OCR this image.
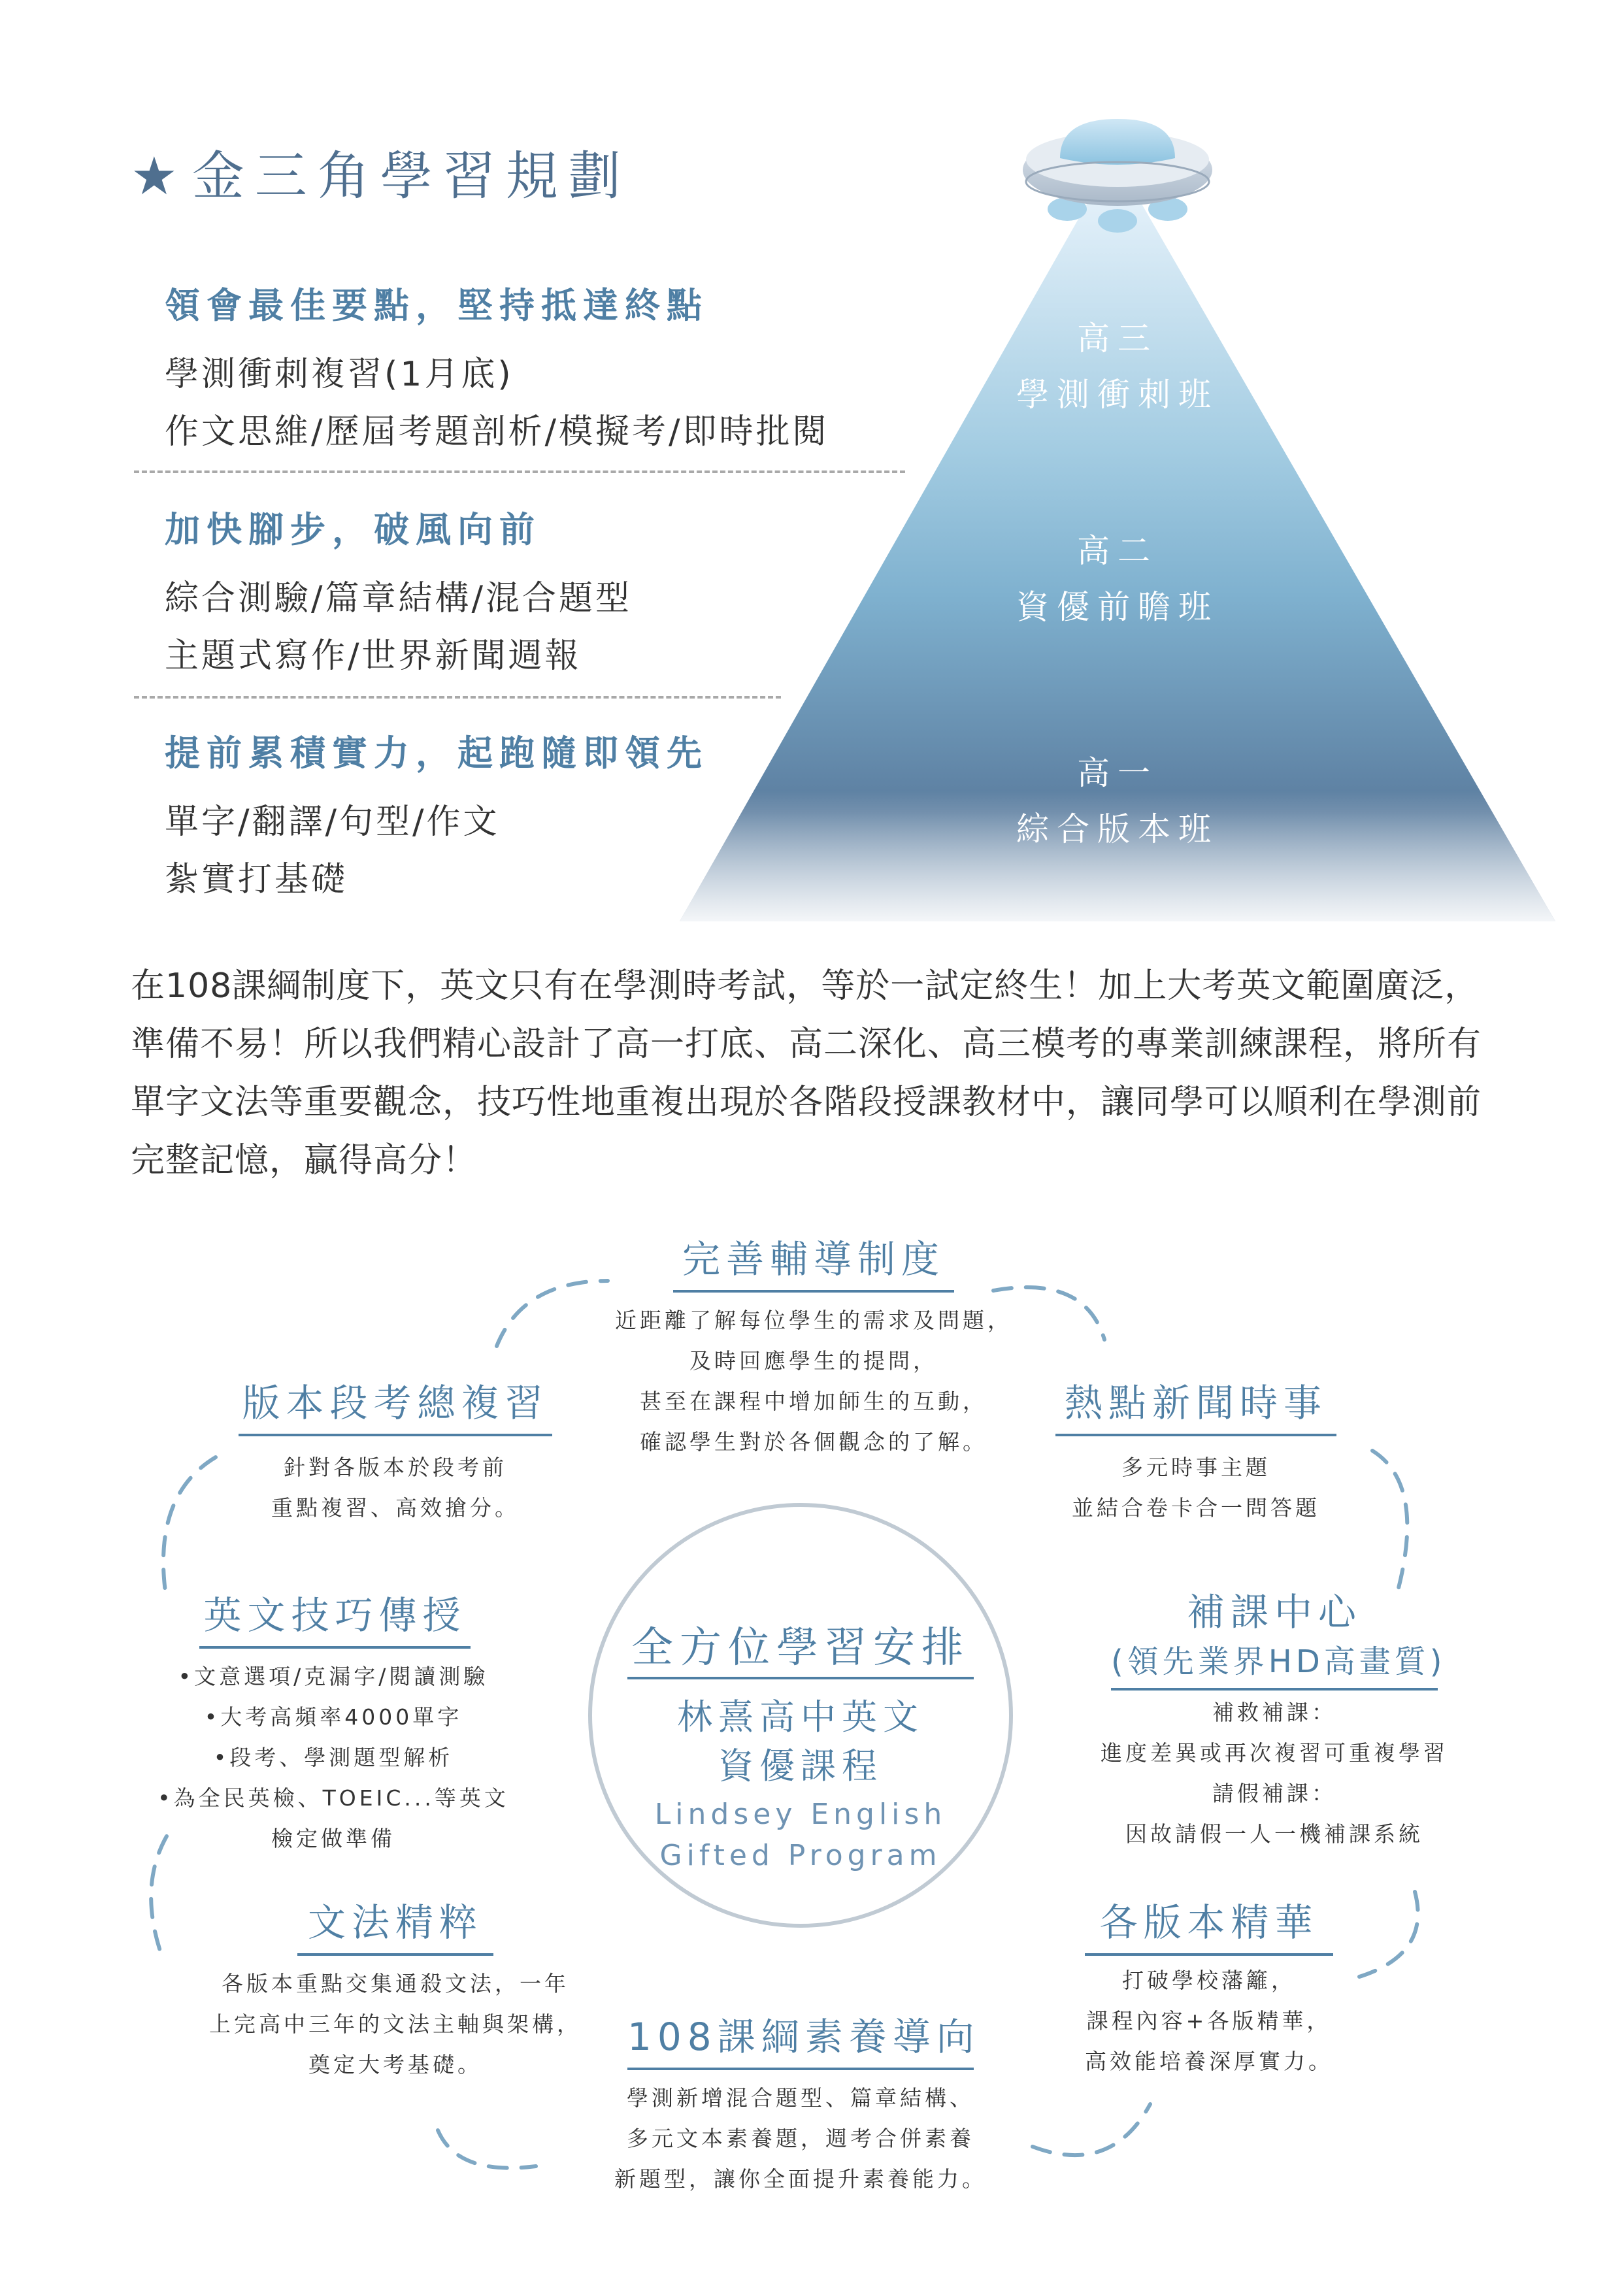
★金三角學習規劃
高三
學測衝刺班
高二
資優前瞻班
高一
綜合版本班
領會最佳要點，堅持抵達終點
學測衝刺複習(1月底)
作文思維/歷屆考題剖析/模擬考/即時批閱
加快腳步，破風向前
綜合測驗/篇章結構/混合題型
主題式寫作/世界新聞週報
提前累積實力，起跑隨即領先
單字/翻譯/句型/作文
紮實打基礎
在108課綱制度下，英文只有在學測時考試，等於一試定終生！加上大考英文範圍廣泛，準備不易！所以我們精心設計了高一打底、高二深化、高三模考的專業訓練課程，將所有單字文法等重要觀念，技巧性地重複出現於各階段授課教材中，讓同學可以順利在學測前完整記憶，贏得高分！
全方位學習安排
林熹高中英文
資優課程
Lindsey English
Gifted Program
完善輔導制度
近距離了解每位學生的需求及問題，
及時回應學生的提問，
甚至在課程中增加師生的互動，
確認學生對於各個觀念的了解。
版本段考總複習
針對各版本於段考前
重點複習、高效搶分。
熱點新聞時事
多元時事主題
並結合卷卡合一問答題
英文技巧傳授
•文意選項/克漏字/閱讀測驗
•大考高頻率4000單字
•段考、學測題型解析
•為全民英檢、TOEIC...等英文
檢定做準備
補課中心
(領先業界HD高畫質)
補救補課：
進度差異或再次複習可重複學習
請假補課：
因故請假一人一機補課系統
文法精粹
各版本重點交集通殺文法，一年
上完高中三年的文法主軸與架構，
奠定大考基礎。
各版本精華
打破學校藩籬，
課程內容+各版精華，
高效能培養深厚實力。
108課綱素養導向
學測新增混合題型、篇章結構、
多元文本素養題，週考合併素養
新題型，讓你全面提升素養能力。
